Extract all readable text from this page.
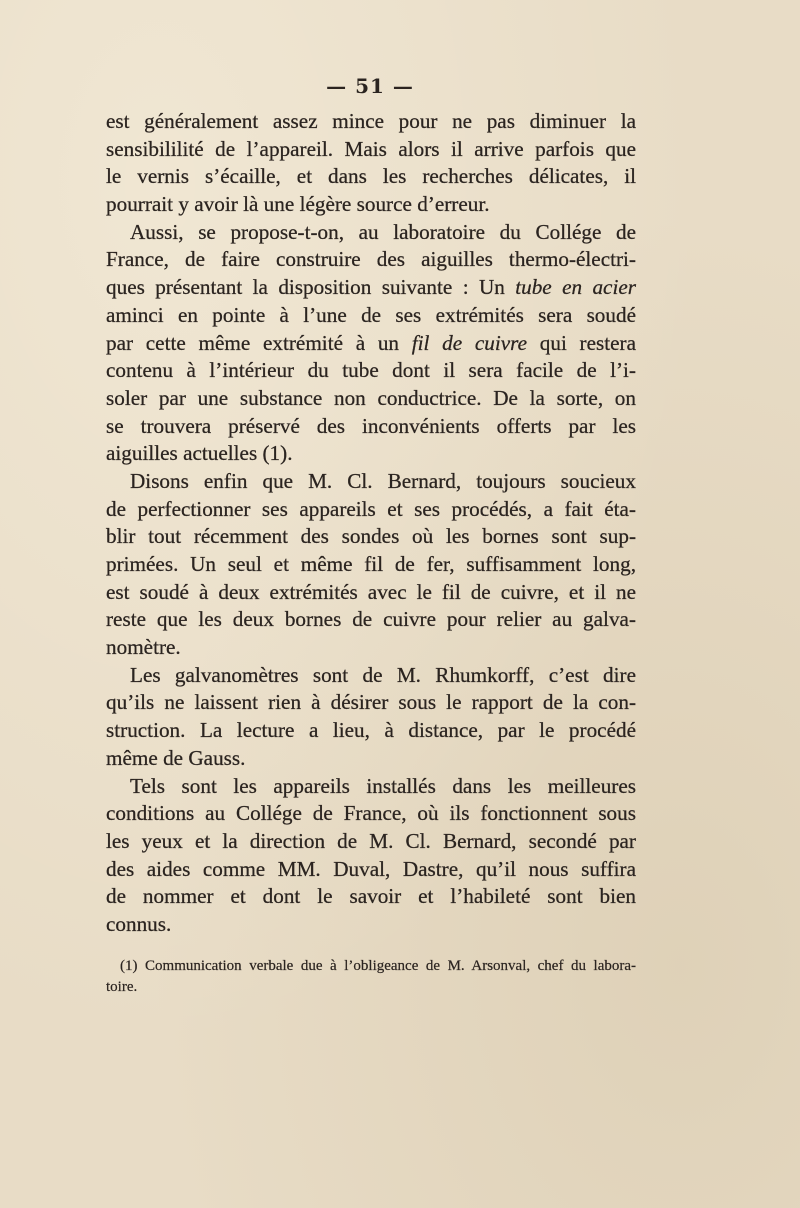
— 51 —
est généralement assez mince pour ne pas diminuer la
sensibililité de l’appareil. Mais alors il arrive parfois que
le vernis s’écaille, et dans les recherches délicates, il
pourrait y avoir là une légère source d’erreur.
Aussi, se propose-t-on, au laboratoire du Collége de
France, de faire construire des aiguilles thermo-électri-
ques présentant la disposition suivante : Un tube en acier
aminci en pointe à l’une de ses extrémités sera soudé
par cette même extrémité à un fil de cuivre qui restera
contenu à l’intérieur du tube dont il sera facile de l’i-
soler par une substance non conductrice. De la sorte, on
se trouvera préservé des inconvénients offerts par les
aiguilles actuelles (1).
Disons enfin que M. Cl. Bernard, toujours soucieux
de perfectionner ses appareils et ses procédés, a fait éta-
blir tout récemment des sondes où les bornes sont sup-
primées. Un seul et même fil de fer, suffisamment long,
est soudé à deux extrémités avec le fil de cuivre, et il ne
reste que les deux bornes de cuivre pour relier au galva-
nomètre.
Les galvanomètres sont de M. Rhumkorff, c’est dire
qu’ils ne laissent rien à désirer sous le rapport de la con-
struction. La lecture a lieu, à distance, par le procédé
même de Gauss.
Tels sont les appareils installés dans les meilleures
conditions au Collége de France, où ils fonctionnent sous
les yeux et la direction de M. Cl. Bernard, secondé par
des aides comme MM. Duval, Dastre, qu’il nous suffira
de nommer et dont le savoir et l’habileté sont bien
connus.
(1) Communication verbale due à l’obligeance de M. Arsonval, chef du labora-
toire.
